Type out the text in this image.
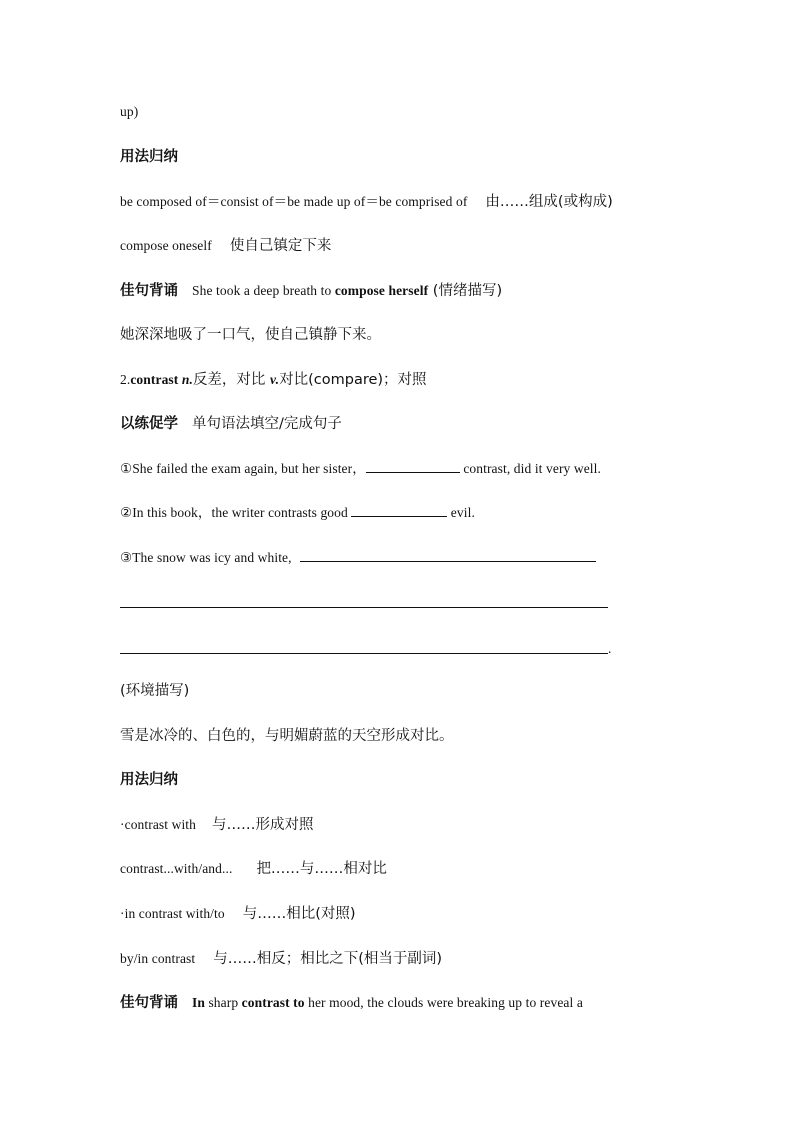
up)
用法归纳
be composed of＝consist of＝be made up of＝be comprised of 由……组成(或构成)
compose oneself 使自己镇定下来
佳句背诵 She took a deep breath to compose herself (情绪描写)
她深深地吸了一口气，使自己镇静下来。
2.contrast n.反差，对比 v.对比(compare)；对照
以练促学 单句语法填空/完成句子
①She failed the exam again, but her sister，	contrast, did it very well.
②In this book，the writer contrasts good	evil.
③The snow was icy and white,
.
(环境描写)
雪是冰冷的、白色的，与明媚蔚蓝的天空形成对比。
用法归纳
·contrast with 与……形成对照
contrast...with/and... 把……与……相对比
·in contrast with/to 与……相比(对照)
by/in contrast 与……相反；相比之下(相当于副词)
佳句背诵 In sharp contrast to her mood, the clouds were breaking up to reveal a
